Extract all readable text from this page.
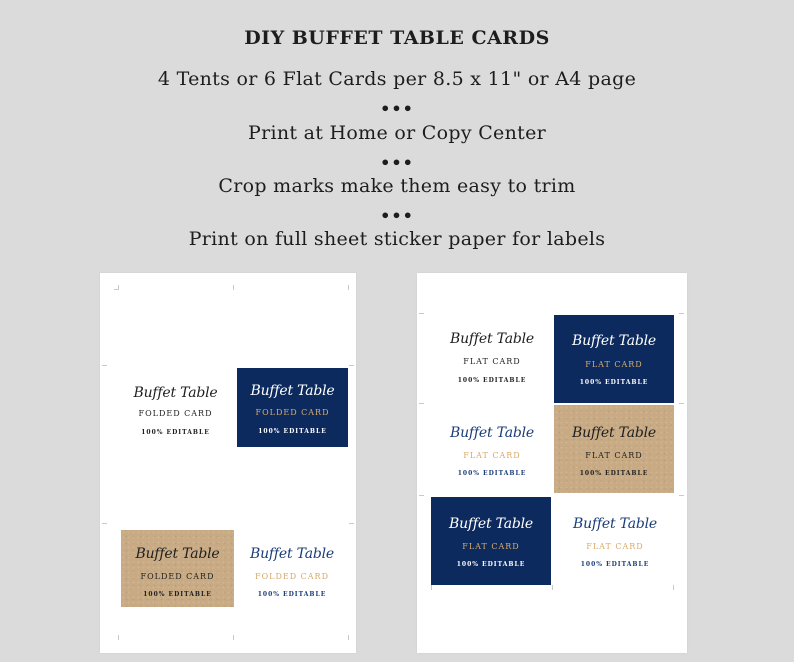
DIY BUFFET TABLE CARDS
4 Tents or 6 Flat Cards per 8.5 x 11" or A4 page
•••
Print at Home or Copy Center
•••
Crop marks make them easy to trim
•••
Print on full sheet sticker paper for labels
Buffet Table
FOLDED CARD
100% EDITABLE
Buffet Table
FOLDED CARD
100% EDITABLE
Buffet Table
FOLDED CARD
100% EDITABLE
Buffet Table
FOLDED CARD
100% EDITABLE
Buffet Table
FLAT CARD
100% EDITABLE
Buffet Table
FLAT CARD
100% EDITABLE
Buffet Table
FLAT CARD
100% EDITABLE
Buffet Table
FLAT CARD
100% EDITABLE
Buffet Table
FLAT CARD
100% EDITABLE
Buffet Table
FLAT CARD
100% EDITABLE
